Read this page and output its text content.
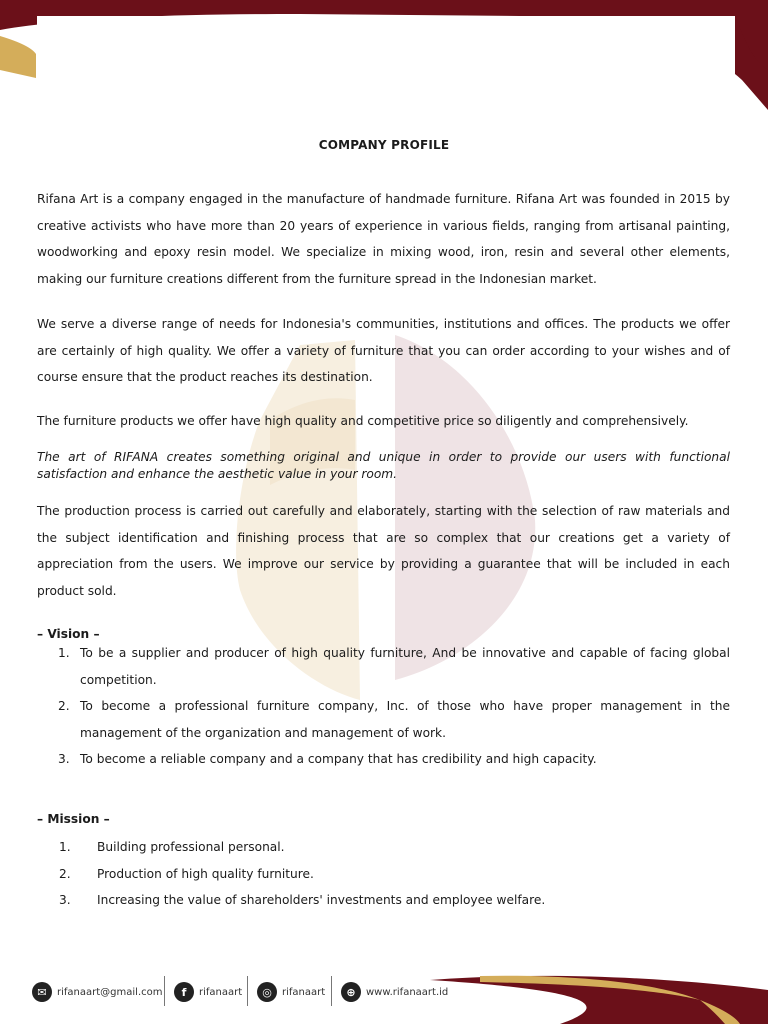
COMPANY PROFILE

Rifana Art is a company engaged in the manufacture of handmade furniture. Rifana Art was founded in 2015 by creative activists who have more than 20 years of experience in various fields, ranging from artisanal painting, woodworking and epoxy resin model. We specialize in mixing wood, iron, resin and several other elements, making our furniture creations different from the furniture spread in the Indonesian market.

We serve a diverse range of needs for Indonesia's communities, institutions and offices. The products we offer are certainly of high quality. We offer a variety of furniture that you can order according to your wishes and of course ensure that the product reaches its destination.

The furniture products we offer have high quality and competitive price so diligently and comprehensively.

The art of RIFANA creates something original and unique in order to provide our users with functional satisfaction and enhance the aesthetic value in your room.

The production process is carried out carefully and elaborately, starting with the selection of raw materials and the subject identification and finishing process that are so complex that our creations get a variety of appreciation from the users. We improve our service by providing a guarantee that will be included in each product sold.

– Vision –
1. To be a supplier and producer of high quality furniture, And be innovative and capable of facing global competition.
2. To become a professional furniture company, Inc. of those who have proper management in the management of the organization and management of work.
3. To become a reliable company and a company that has credibility and high capacity.
– Mission –
1. Building professional personal.
2. Production of high quality furniture.
3. Increasing the value of shareholders' investments and employee welfare.
✉	rifanaart@gmail.com	f	rifanaart	◎	rifanaart	⊕	www.rifanaart.id
